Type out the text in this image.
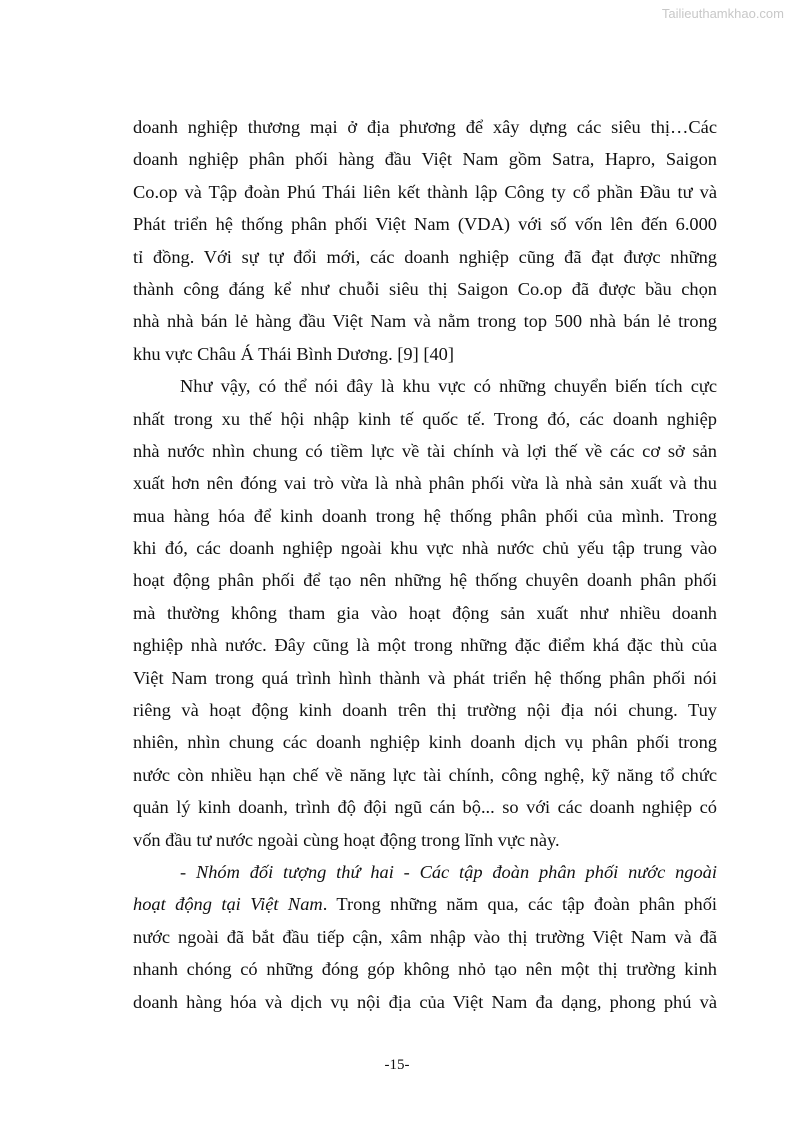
Tailieuthamkhao.com
doanh nghiệp thương mại ở địa phương để xây dựng các siêu thị…Các
doanh nghiệp phân phối hàng đầu Việt Nam gồm Satra, Hapro, Saigon
Co.op và Tập đoàn Phú Thái liên kết thành lập Công ty cổ phần Đầu tư và
Phát triển hệ thống phân phối Việt Nam (VDA) với số vốn lên đến 6.000
tỉ đồng. Với sự tự đổi mới, các doanh nghiệp cũng đã đạt được những
thành công đáng kể như chuỗi siêu thị Saigon Co.op đã được bầu chọn
nhà nhà bán lẻ hàng đầu Việt Nam và nằm trong top 500 nhà bán lẻ trong
khu vực Châu Á Thái Bình Dương. [9] [40]
Như vậy, có thể nói đây là khu vực có những chuyển biến tích cực
nhất trong xu thế hội nhập kinh tế quốc tế. Trong đó, các doanh nghiệp
nhà nước nhìn chung có tiềm lực về tài chính và lợi thế về các cơ sở sản
xuất hơn nên đóng vai trò vừa là nhà phân phối vừa là nhà sản xuất và thu
mua hàng hóa để kinh doanh trong hệ thống phân phối của mình. Trong
khi đó, các doanh nghiệp ngoài khu vực nhà nước chủ yếu tập trung vào
hoạt động phân phối để tạo nên những hệ thống chuyên doanh phân phối
mà thường không tham gia vào hoạt động sản xuất như nhiều doanh
nghiệp nhà nước. Đây cũng là một trong những đặc điểm khá đặc thù của
Việt Nam trong quá trình hình thành và phát triển hệ thống phân phối nói
riêng và hoạt động kinh doanh trên thị trường nội địa nói chung. Tuy
nhiên, nhìn chung các doanh nghiệp kinh doanh dịch vụ phân phối trong
nước còn nhiều hạn chế về năng lực tài chính, công nghệ, kỹ năng tổ chức
quản lý kinh doanh, trình độ đội ngũ cán bộ... so với các doanh nghiệp có
vốn đầu tư nước ngoài cùng hoạt động trong lĩnh vực này.
- Nhóm đối tượng thứ hai - Các tập đoàn phân phối nước ngoài
hoạt động tại Việt Nam. Trong những năm qua, các tập đoàn phân phối
nước ngoài đã bắt đầu tiếp cận, xâm nhập vào thị trường Việt Nam và đã
nhanh chóng có những đóng góp không nhỏ tạo nên một thị trường kinh
doanh hàng hóa và dịch vụ nội địa của Việt Nam đa dạng, phong phú và
-15-
